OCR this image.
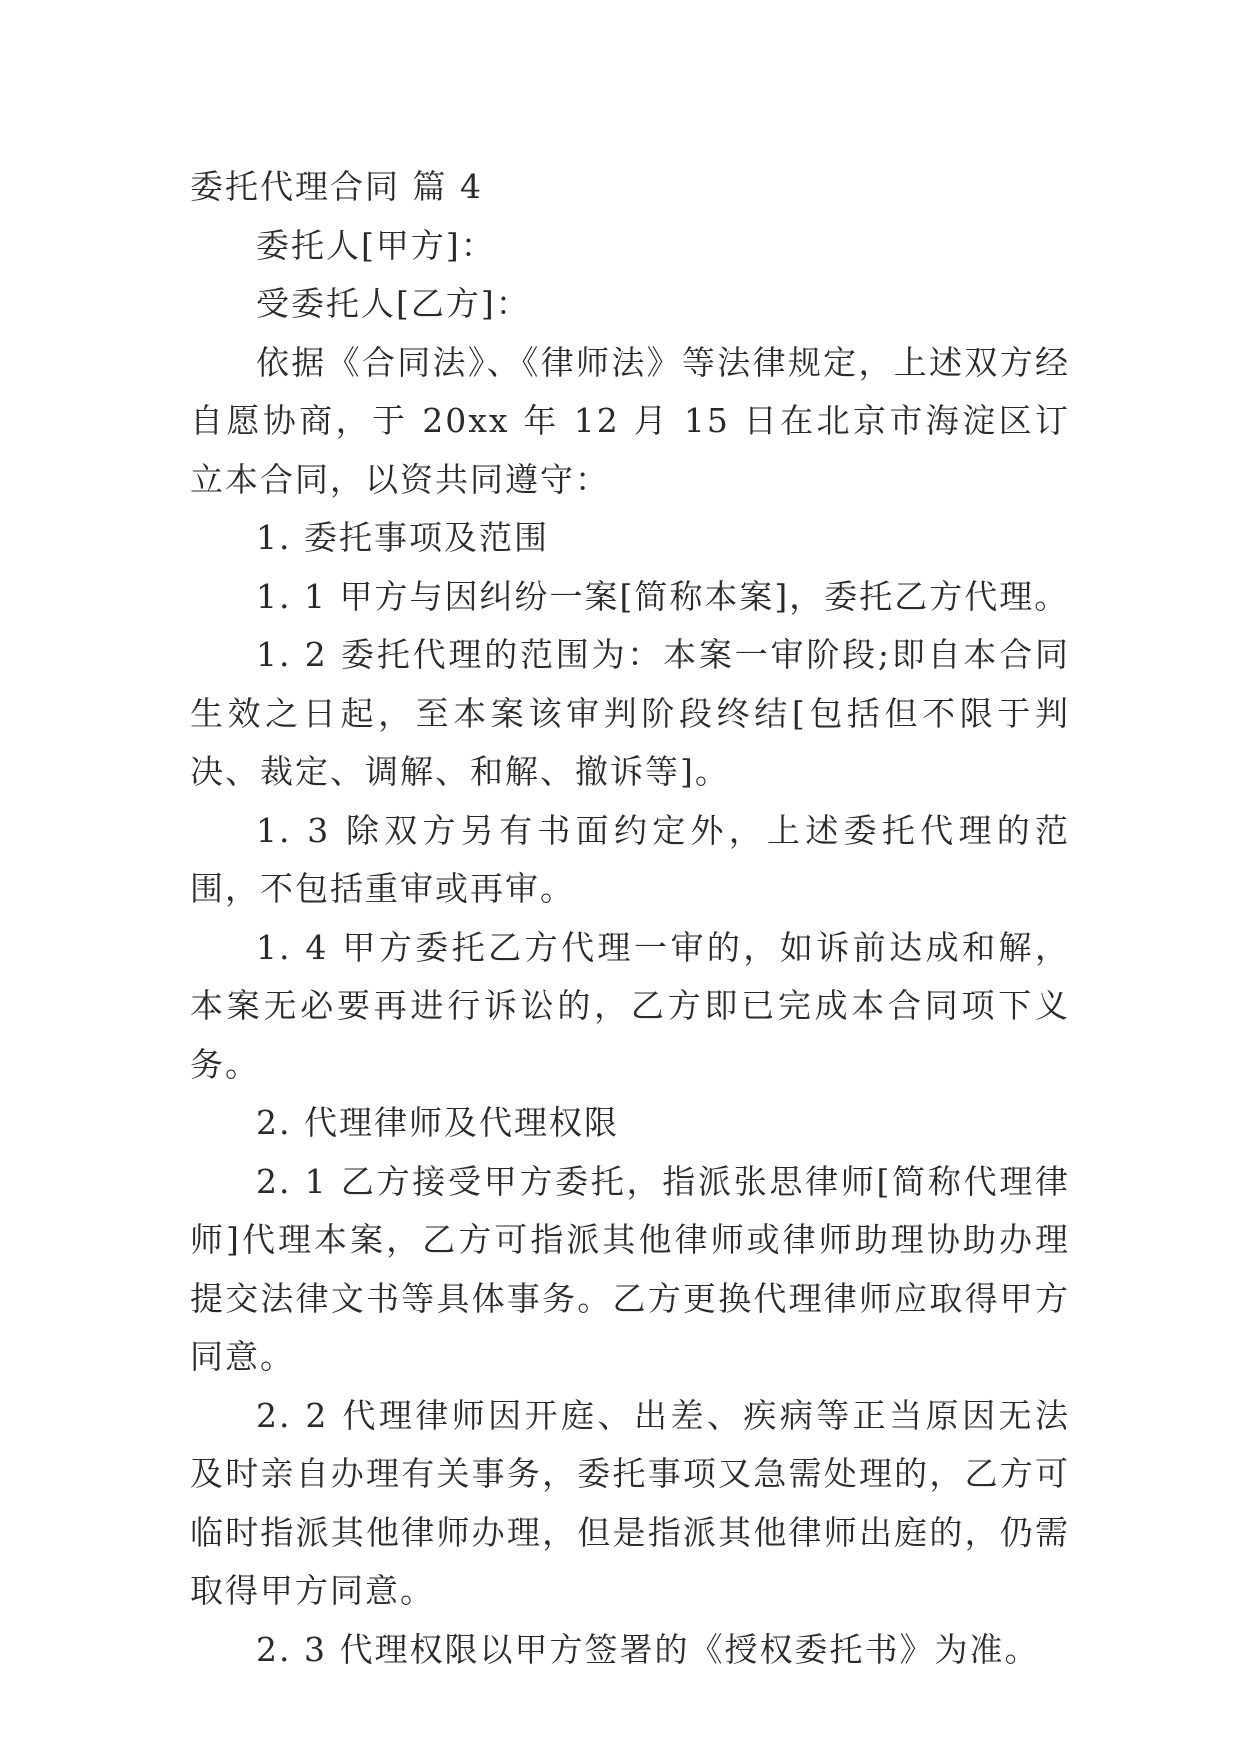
委托代理合同 篇 4

委托人[甲方]：

受委托人[乙方]：

依据《合同法》、《律师法》等法律规定，上述双方经自愿协商，于 20xx 年 12 月 15 日在北京市海淀区订立本合同，以资共同遵守：

1. 委托事项及范围

1. 1 甲方与因纠纷一案[简称本案]，委托乙方代理。

1. 2 委托代理的范围为：本案一审阶段;即自本合同生效之日起，至本案该审判阶段终结[包括但不限于判决、裁定、调解、和解、撤诉等]。

1. 3 除双方另有书面约定外，上述委托代理的范围，不包括重审或再审。

1. 4 甲方委托乙方代理一审的，如诉前达成和解，本案无必要再进行诉讼的，乙方即已完成本合同项下义务。

2. 代理律师及代理权限

2. 1 乙方接受甲方委托，指派张思律师[简称代理律师]代理本案，乙方可指派其他律师或律师助理协助办理提交法律文书等具体事务。乙方更换代理律师应取得甲方同意。

2. 2 代理律师因开庭、出差、疾病等正当原因无法及时亲自办理有关事务，委托事项又急需处理的，乙方可临时指派其他律师办理，但是指派其他律师出庭的，仍需取得甲方同意。

2. 3 代理权限以甲方签署的《授权委托书》为准。
